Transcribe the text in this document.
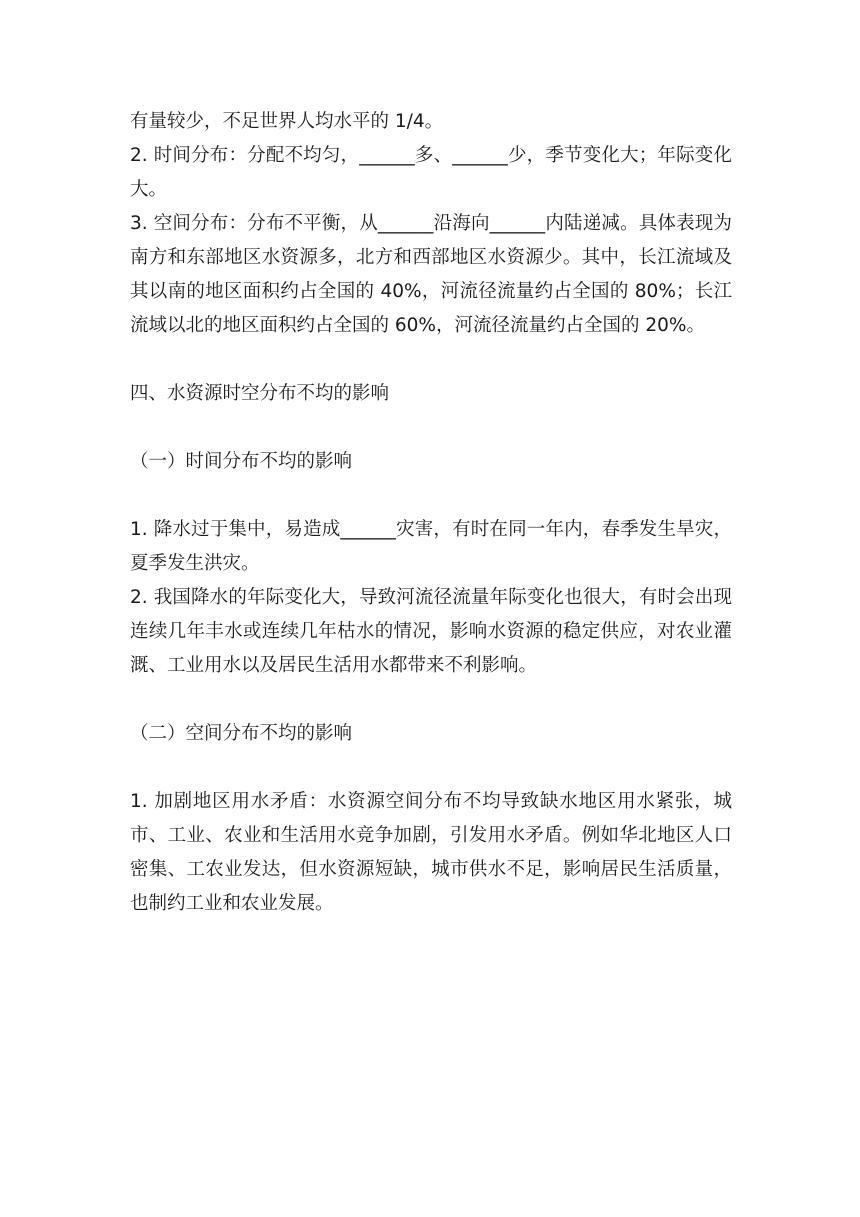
有量较少，不足世界人均水平的 1/4。

2. 时间分布：分配不均匀，______多、______少，季节变化大；年际变化大。

3. 空间分布：分布不平衡，从______沿海向______内陆递减。具体表现为南方和东部地区水资源多，北方和西部地区水资源少。其中，长江流域及其以南的地区面积约占全国的 40%，河流径流量约占全国的 80%；长江流域以北的地区面积约占全国的 60%，河流径流量约占全国的 20%。

四、水资源时空分布不均的影响

（一）时间分布不均的影响

1. 降水过于集中，易造成______灾害，有时在同一年内，春季发生旱灾，夏季发生洪灾。

2. 我国降水的年际变化大，导致河流径流量年际变化也很大，有时会出现连续几年丰水或连续几年枯水的情况，影响水资源的稳定供应，对农业灌溉、工业用水以及居民生活用水都带来不利影响。

（二）空间分布不均的影响

1. 加剧地区用水矛盾：水资源空间分布不均导致缺水地区用水紧张，城市、工业、农业和生活用水竞争加剧，引发用水矛盾。例如华北地区人口密集、工农业发达，但水资源短缺，城市供水不足，影响居民生活质量，也制约工业和农业发展。
